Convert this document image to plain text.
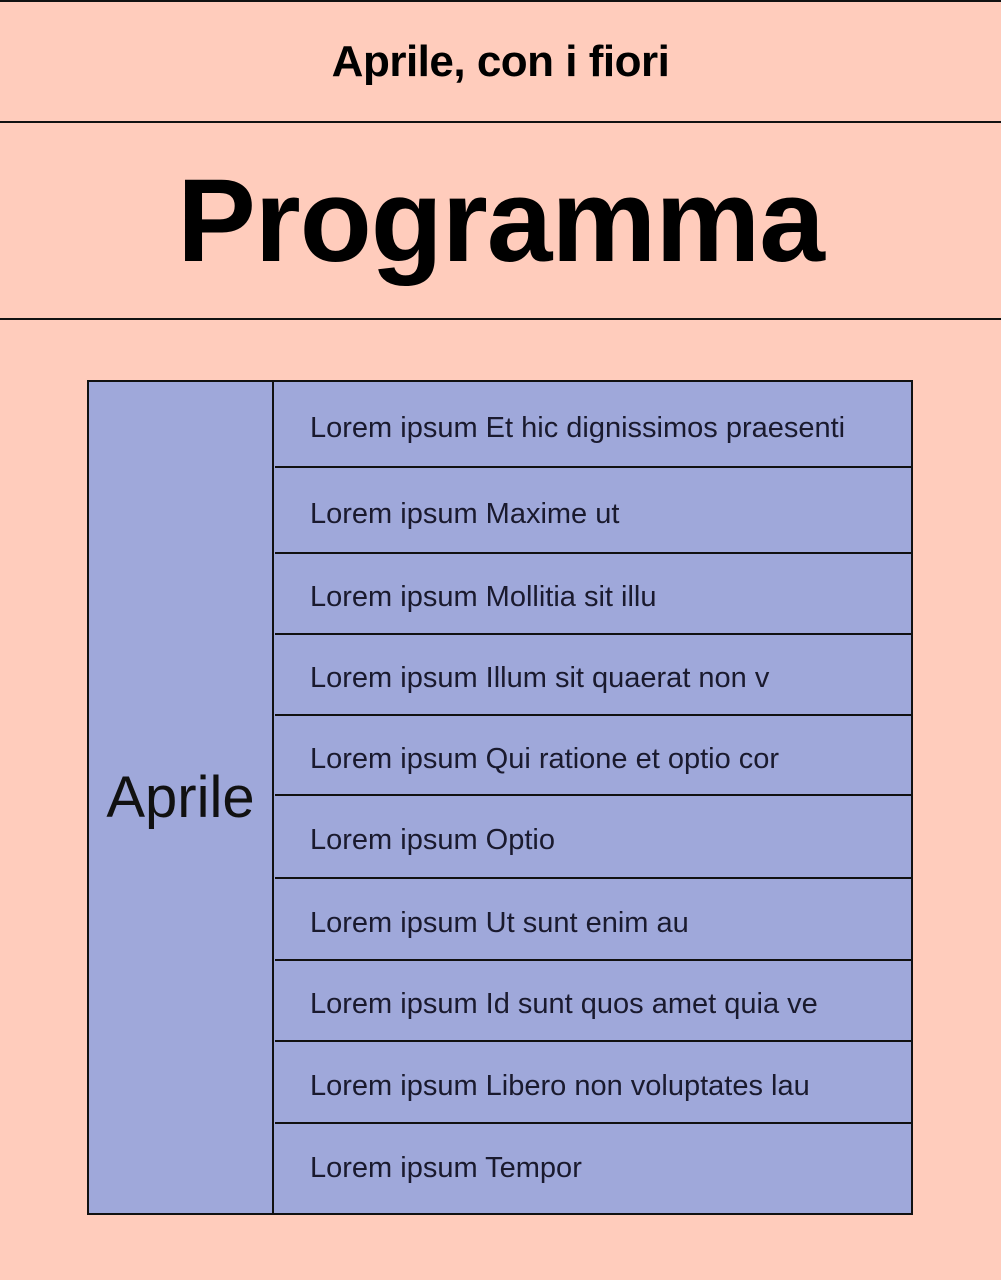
Aprile, con i fiori
Programma
Aprile
Lorem ipsum Et hic dignissimos praesenti
Lorem ipsum Maxime ut
Lorem ipsum Mollitia sit illu
Lorem ipsum Illum sit quaerat non v
Lorem ipsum Qui ratione et optio cor
Lorem ipsum Optio
Lorem ipsum Ut sunt enim au
Lorem ipsum Id sunt quos amet quia ve
Lorem ipsum Libero non voluptates lau
Lorem ipsum Tempor
